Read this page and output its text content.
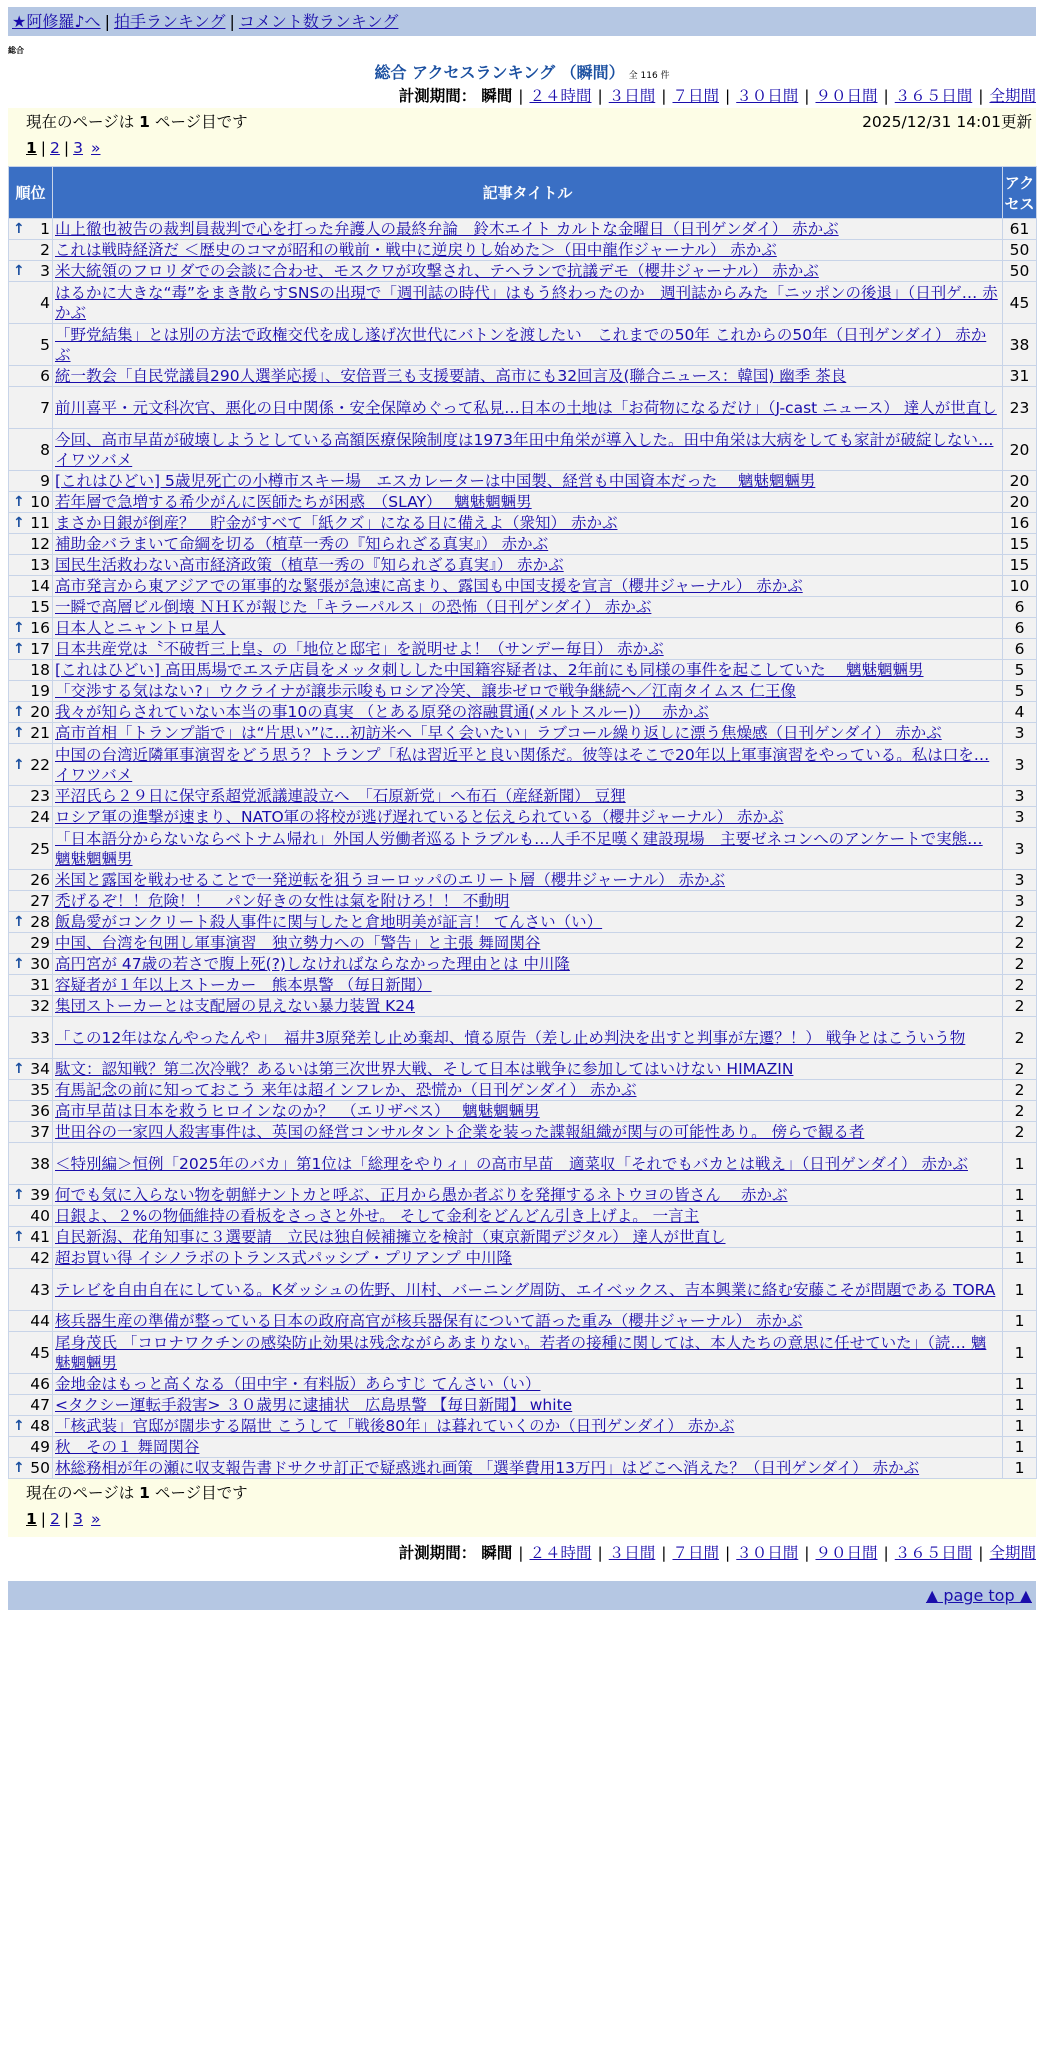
★阿修羅♪へ | 拍手ランキング | コメント数ランキング
総合
総合 アクセスランキング （瞬間） 全 116 件
計測期間： 瞬間 | ２４時間 | ３日間 | ７日間 | ３０日間 | ９０日間 | ３６５日間 | 全期間
現在のページは 1 ページ目です	2025/12/31 14:01更新
1 | 2 | 3 »
順位	記事タイトル	アクセス

↑ 1	山上徹也被告の裁判員裁判で心を打った弁護人の最終弁論　鈴木エイト カルトな金曜日（日刊ゲンダイ） 赤かぶ	61
2	これは戦時経済だ ＜歴史のコマが昭和の戦前・戦中に逆戻りし始めた＞（田中龍作ジャーナル） 赤かぶ	50

↑ 3	米大統領のフロリダでの会談に合わせ、モスクワが攻撃され、テヘランで抗議デモ（櫻井ジャーナル） 赤かぶ	50
4	はるかに大きな“毒”をまき散らすSNSの出現で「週刊誌の時代」はもう終わったのか　週刊誌からみた「ニッポンの後退」（日刊ゲ… 赤かぶ	45
5	「野党結集」とは別の方法で政権交代を成し遂げ次世代にバトンを渡したい　これまでの50年 これからの50年（日刊ゲンダイ） 赤かぶ	38
6	統一教会「自民党議員290人選挙応援」、安倍晋三も支援要請、高市にも32回言及(聯合ニュース：韓国) 幽季 茶良	31
7	前川喜平・元文科次官、悪化の日中関係・安全保障めぐって私見…日本の土地は「お荷物になるだけ」（J-cast ニュース） 達人が世直し	23
8	今回、高市早苗が破壊しようとしている高額医療保険制度は1973年田中角栄が導入した。田中角栄は大病をしても家計が破綻しない… イワツバメ	20
9	[これはひどい] 5歳児死亡の小樽市スキー場　エスカレーターは中国製、経営も中国資本だった　 魑魅魍魎男	20

↑ 10	若年層で急増する希少がんに医師たちが困惑　（SLAY）　 魑魅魍魎男	20

↑ 11	まさか日銀が倒産？　貯金がすべて「紙クズ」になる日に備えよ（衆知） 赤かぶ	16
12	補助金バラまいて命綱を切る（植草一秀の『知られざる真実』） 赤かぶ	15
13	国民生活救わない高市経済政策（植草一秀の『知られざる真実』） 赤かぶ	15
14	高市発言から東アジアでの軍事的な緊張が急速に高まり、露国も中国支援を宣言（櫻井ジャーナル） 赤かぶ	10
15	一瞬で高層ビル倒壊 ＮＨＫが報じた「キラーパルス」の恐怖（日刊ゲンダイ） 赤かぶ	6

↑ 16	日本人とニャントロ星人	6

↑ 17	日本共産党は〝不破哲三上皇〟の「地位と邸宅」を説明せよ！（サンデー毎日） 赤かぶ	6
18	[これはひどい] 高田馬場でエステ店員をメッタ刺しした中国籍容疑者は、2年前にも同様の事件を起こしていた　 魑魅魍魎男	5
19	「交渉する気はない?」ウクライナが譲歩示唆もロシア冷笑、譲歩ゼロで戦争継続へ／江南タイムス 仁王像	5

↑ 20	我々が知らされていない本当の事10の真実 （とある原発の溶融貫通(メルトスルー)）　 赤かぶ	4

↑ 21	高市首相「トランプ詣で」は“片思い”に…初訪米へ「早く会いたい」ラブコール繰り返しに漂う焦燥感（日刊ゲンダイ） 赤かぶ	3

↑ 22	中国の台湾近隣軍事演習をどう思う？トランプ「私は習近平と良い関係だ。彼等はそこで20年以上軍事演習をやっている。私は口を… イワツバメ	3
23	平沼氏ら２９日に保守系超党派議連設立へ　「石原新党」へ布石（産経新聞） 豆狸	3
24	ロシア軍の進撃が速まり、NATO軍の将校が逃げ遅れていると伝えられている（櫻井ジャーナル） 赤かぶ	3
25	「日本語分からないならベトナム帰れ」外国人労働者巡るトラブルも…人手不足嘆く建設現場　主要ゼネコンへのアンケートで実態… 魑魅魍魎男	3
26	米国と露国を戦わせることで一発逆転を狙うヨーロッパのエリート層（櫻井ジャーナル） 赤かぶ	3
27	禿げるぞ！！危険！！　パン好きの女性は氣を附けろ！！ 不動明	3

↑ 28	飯島愛がコンクリート殺人事件に関与したと倉地明美が証言！ てんさい（い）	2
29	中国、台湾を包囲し軍事演習　独立勢力への「警告」と主張 舞岡関谷	2

↑ 30	高円宮が 47歳の若さで腹上死(?)しなければならなかった理由とは 中川隆	2
31	容疑者が１年以上ストーカー　熊本県警 （毎日新聞）	2
32	集団ストーカーとは支配層の見えない暴力装置 K24	2
33	「この12年はなんやったんや」　福井3原発差し止め棄却、憤る原告（差し止め判決を出すと判事が左遷？！） 戦争とはこういう物	2

↑ 34	駄文：認知戦？第二次冷戦？あるいは第三次世界大戦、そして日本は戦争に参加してはいけない HIMAZIN	2
35	有馬記念の前に知っておこう 来年は超インフレか、恐慌か（日刊ゲンダイ） 赤かぶ	2
36	高市早苗は日本を救うヒロインなのか？　（エリザベス）　 魑魅魍魎男	2
37	世田谷の一家四人殺害事件は、英国の経営コンサルタント企業を装った諜報組織が関与の可能性あり。 傍らで観る者	2
38	＜特別編＞恒例「2025年のバカ」第1位は「総理をやりィ」の高市早苗　適菜収「それでもバカとは戦え」（日刊ゲンダイ） 赤かぶ	1

↑ 39	何でも気に入らない物を朝鮮ナントカと呼ぶ、正月から愚か者ぶりを発揮するネトウヨの皆さん　 赤かぶ	1
40	日銀よ、２%の物価維持の看板をさっさと外せ。 そして金利をどんどん引き上げよ。 一言主	1

↑ 41	自民新潟、花角知事に３選要請　立民は独自候補擁立を検討（東京新聞デジタル） 達人が世直し	1
42	超お買い得 イシノラボのトランス式パッシブ・プリアンプ 中川隆	1
43	テレビを自由自在にしている。Kダッシュの佐野、川村、バーニング周防、エイベックス、吉本興業に絡む安藤こそが問題である TORA	1
44	核兵器生産の準備が整っている日本の政府高官が核兵器保有について語った重み（櫻井ジャーナル） 赤かぶ	1
45	尾身茂氏 「コロナワクチンの感染防止効果は残念ながらあまりない。若者の接種に関しては、本人たちの意思に任せていた」（読… 魑魅魍魎男	1
46	金地金はもっと高くなる（田中宇・有料版）あらすじ てんさい（い）	1
47	<タクシー運転手殺害> ３０歳男に逮捕状　広島県警 【毎日新聞】 white	1

↑ 48	「核武装」官邸が闊歩する隔世 こうして「戦後80年」は暮れていくのか（日刊ゲンダイ） 赤かぶ	1
49	秋　その１ 舞岡関谷	1

↑ 50	林総務相が年の瀬に収支報告書ドサクサ訂正で疑惑逃れ画策 「選挙費用13万円」はどこへ消えた？（日刊ゲンダイ） 赤かぶ	1
現在のページは 1 ページ目です
1 | 2 | 3 »
計測期間： 瞬間 | ２４時間 | ３日間 | ７日間 | ３０日間 | ９０日間 | ３６５日間 | 全期間
▲ page top ▲
